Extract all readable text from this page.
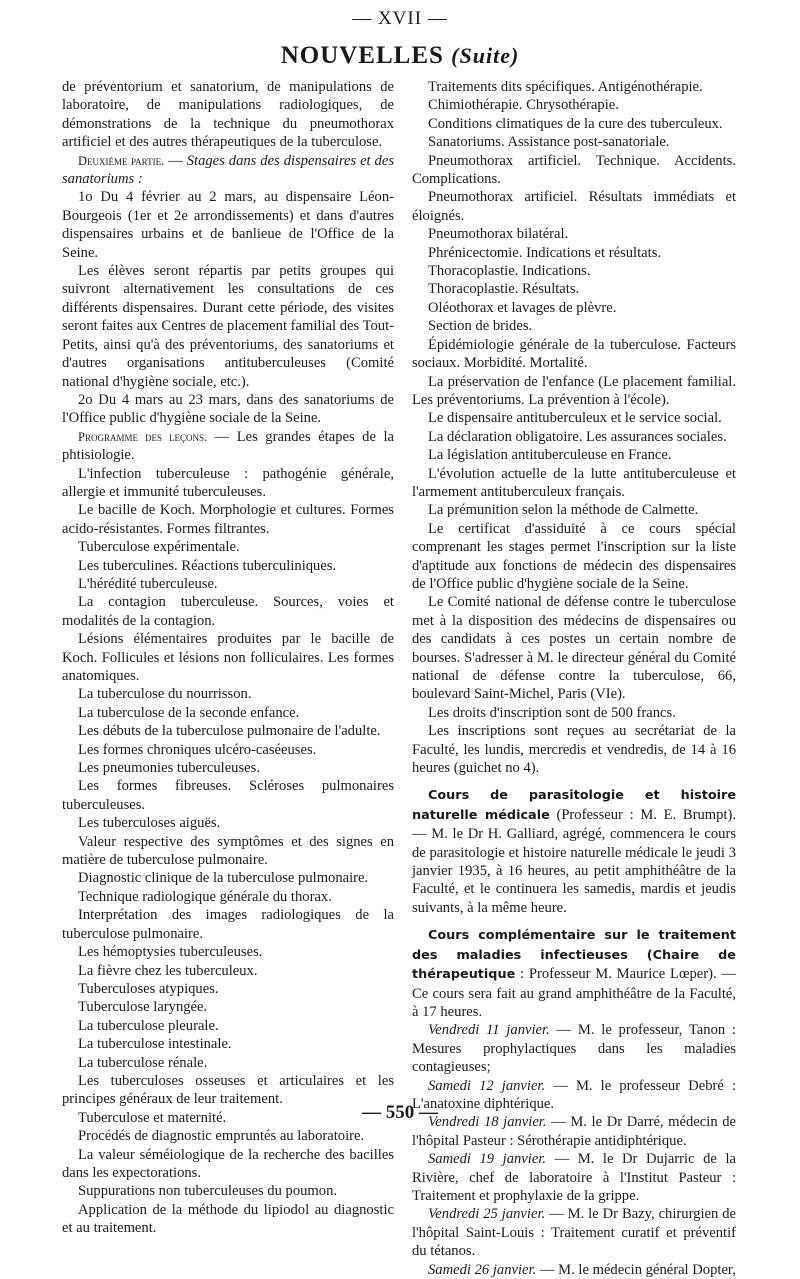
— XVII —
NOUVELLES (Suite)

de préventorium et sanatorium, de manipulations de laboratoire, de manipulations radiologiques, de démonstrations de la technique du pneumothorax artificiel et des autres thérapeutiques de la tuberculose.

Deuxième partie. — Stages dans des dispensaires et des sanatoriums :

1o Du 4 février au 2 mars, au dispensaire Léon-Bourgeois (1er et 2e arrondissements) et dans d'autres dispensaires urbains et de banlieue de l'Office de la Seine.

Les élèves seront répartis par petits groupes qui suivront alternativement les consultations de ces différents dispensaires. Durant cette période, des visites seront faites aux Centres de placement familial des Tout-Petits, ainsi qu'à des préventoriums, des sanatoriums et d'autres organisations antituberculeuses (Comité national d'hygiène sociale, etc.).

2o Du 4 mars au 23 mars, dans des sanatoriums de l'Office public d'hygiène sociale de la Seine.

Programme des leçons. — Les grandes étapes de la phtisiologie.

L'infection tuberculeuse : pathogénie générale, allergie et immunité tuberculeuses.

Le bacille de Koch. Morphologie et cultures. Formes acido-résistantes. Formes filtrantes.

Tuberculose expérimentale.

Les tuberculines. Réactions tuberculiniques.

L'hérédité tuberculeuse.

La contagion tuberculeuse. Sources, voies et modalités de la contagion.

Lésions élémentaires produites par le bacille de Koch. Follicules et lésions non folliculaires. Les formes anatomiques.

La tuberculose du nourrisson.

La tuberculose de la seconde enfance.

Les débuts de la tuberculose pulmonaire de l'adulte.

Les formes chroniques ulcéro-caséeuses.

Les pneumonies tuberculeuses.

Les formes fibreuses. Scléroses pulmonaires tuberculeuses.

Les tuberculoses aiguës.

Valeur respective des symptômes et des signes en matière de tuberculose pulmonaire.

Diagnostic clinique de la tuberculose pulmonaire.

Technique radiologique générale du thorax.

Interprétation des images radiologiques de la tuberculose pulmonaire.

Les hémoptysies tuberculeuses.

La fièvre chez les tuberculeux.

Tuberculoses atypiques.

Tuberculose laryngée.

La tuberculose pleurale.

La tuberculose intestinale.

La tuberculose rénale.

Les tuberculoses osseuses et articulaires et les principes généraux de leur traitement.

Tuberculose et maternité.

Procédés de diagnostic empruntés au laboratoire.

La valeur séméiologique de la recherche des bacilles dans les expectorations.

Suppurations non tuberculeuses du poumon.

Application de la méthode du lipiodol au diagnostic et au traitement.

Traitements dits spécifiques. Antigénothérapie.

Chimiothérapie. Chrysothérapie.

Conditions climatiques de la cure des tuberculeux.

Sanatoriums. Assistance post-sanatoriale.

Pneumothorax artificiel. Technique. Accidents. Complications.

Pneumothorax artificiel. Résultats immédiats et éloignés.

Pneumothorax bilatéral.

Phrénicectomie. Indications et résultats.

Thoracoplastie. Indications.

Thoracoplastie. Résultats.

Oléothorax et lavages de plèvre.

Section de brides.

Épidémiologie générale de la tuberculose. Facteurs sociaux. Morbidité. Mortalité.

La préservation de l'enfance (Le placement familial. Les préventoriums. La prévention à l'école).

Le dispensaire antituberculeux et le service social.

La déclaration obligatoire. Les assurances sociales.

La législation antituberculeuse en France.

L'évolution actuelle de la lutte antituberculeuse et l'armement antituberculeux français.

La prémunition selon la méthode de Calmette.

Le certificat d'assiduité à ce cours spécial comprenant les stages permet l'inscription sur la liste d'aptitude aux fonctions de médecin des dispensaires de l'Office public d'hygiène sociale de la Seine.

Le Comité national de défense contre le tuberculose met à la disposition des médecins de dispensaires ou des candidats à ces postes un certain nombre de bourses. S'adresser à M. le directeur général du Comité national de défense contre la tuberculose, 66, boulevard Saint-Michel, Paris (VIe).

Les droits d'inscription sont de 500 francs.

Les inscriptions sont reçues au secrétariat de la Faculté, les lundis, mercredis et vendredis, de 14 à 16 heures (guichet no 4).

Cours de parasitologie et histoire naturelle médicale (Professeur : M. E. Brumpt). — M. le Dr H. Galliard, agrégé, commencera le cours de parasitologie et histoire naturelle médicale le jeudi 3 janvier 1935, à 16 heures, au petit amphithéâtre de la Faculté, et le continuera les samedis, mardis et jeudis suivants, à la même heure.

Cours complémentaire sur le traitement des maladies infectieuses (Chaire de thérapeutique : Professeur M. Maurice Lœper). — Ce cours sera fait au grand amphithéâtre de la Faculté, à 17 heures.

Vendredi 11 janvier. — M. le professeur, Tanon : Mesures prophylactiques dans les maladies contagieuses;

Samedi 12 janvier. — M. le professeur Debré : L'anatoxine diphtérique.

Vendredi 18 janvier. — M. le Dr Darré, médecin de l'hôpital Pasteur : Sérothérapie antidiphtérique.

Samedi 19 janvier. — M. le Dr Dujarric de la Rivière, chef de laboratoire à l'Institut Pasteur : Traitement et prophylaxie de la grippe.

Vendredi 25 janvier. — M. le Dr Bazy, chirurgien de l'hôpital Saint-Louis : Traitement curatif et préventif du tétanos.

Samedi 26 janvier. — M. le médecin général Dopter,

— 550 —
